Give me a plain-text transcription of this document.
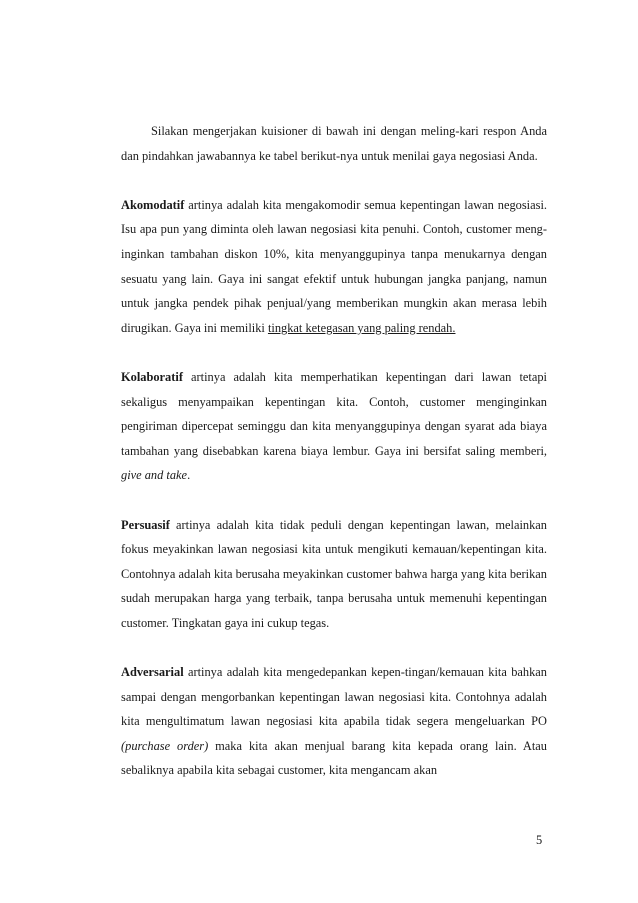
Silakan mengerjakan kuisioner di bawah ini dengan meling-kari respon Anda dan pindahkan jawabannya ke tabel berikut-nya untuk menilai gaya negosiasi Anda.

Akomodatif artinya adalah kita mengakomodir semua kepentingan lawan negosiasi. Isu apa pun yang diminta oleh lawan negosiasi kita penuhi. Contoh, customer meng-inginkan tambahan diskon 10%, kita menyanggupinya tanpa menukarnya dengan sesuatu yang lain. Gaya ini sangat efektif untuk hubungan jangka panjang, namun untuk jangka pendek pihak penjual/yang memberikan mungkin akan merasa lebih dirugikan. Gaya ini memiliki tingkat ketegasan yang paling rendah.

Kolaboratif artinya adalah kita memperhatikan kepentingan dari lawan tetapi sekaligus menyampaikan kepentingan kita. Contoh, customer menginginkan pengiriman dipercepat seminggu dan kita menyanggupinya dengan syarat ada biaya tambahan yang disebabkan karena biaya lembur. Gaya ini bersifat saling memberi, give and take.

Persuasif artinya adalah kita tidak peduli dengan kepentingan lawan, melainkan fokus meyakinkan lawan negosiasi kita untuk mengikuti kemauan/kepentingan kita. Contohnya adalah kita berusaha meyakinkan customer bahwa harga yang kita berikan sudah merupakan harga yang terbaik, tanpa berusaha untuk memenuhi kepentingan customer. Tingkatan gaya ini cukup tegas.

Adversarial artinya adalah kita mengedepankan kepen-tingan/kemauan kita bahkan sampai dengan mengorbankan kepentingan lawan negosiasi kita. Contohnya adalah kita mengultimatum lawan negosiasi kita apabila tidak segera mengeluarkan PO (purchase order) maka kita akan menjual barang kita kepada orang lain. Atau sebaliknya apabila kita sebagai customer, kita mengancam akan

5
